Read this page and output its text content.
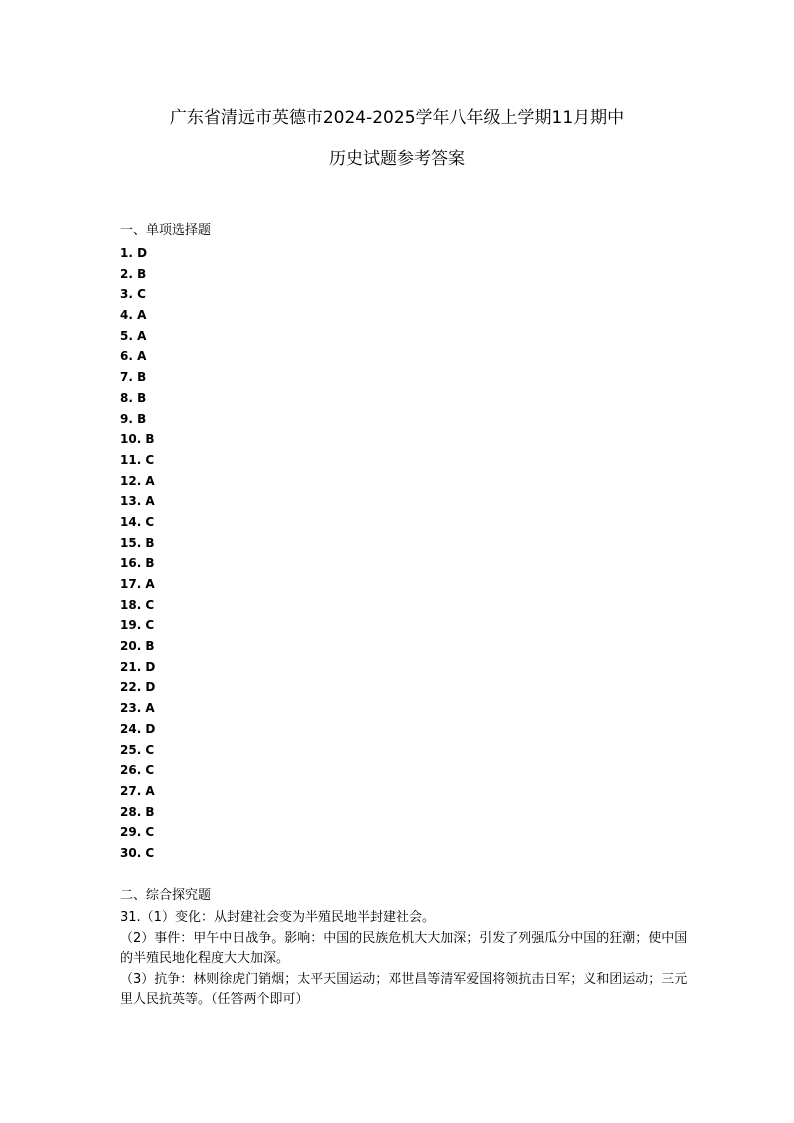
广东省清远市英德市2024-2025学年八年级上学期11月期中
历史试题参考答案
一、单项选择题
1. D
2. B
3. C
4. A
5. A
6. A
7. B
8. B
9. B
10. B
11. C
12. A
13. A
14. C
15. B
16. B
17. A
18. C
19. C
20. B
21. D
22. D
23. A
24. D
25. C
26. C
27. A
28. B
29. C
30. C
二、综合探究题
31.（1）变化：从封建社会变为半殖民地半封建社会。
（2）事件：甲午中日战争。影响：中国的民族危机大大加深；引发了列强瓜分中国的狂潮；使中国的半殖民地化程度大大加深。
（3）抗争：林则徐虎门销烟；太平天国运动；邓世昌等清军爱国将领抗击日军；义和团运动；三元里人民抗英等。（任答两个即可）
